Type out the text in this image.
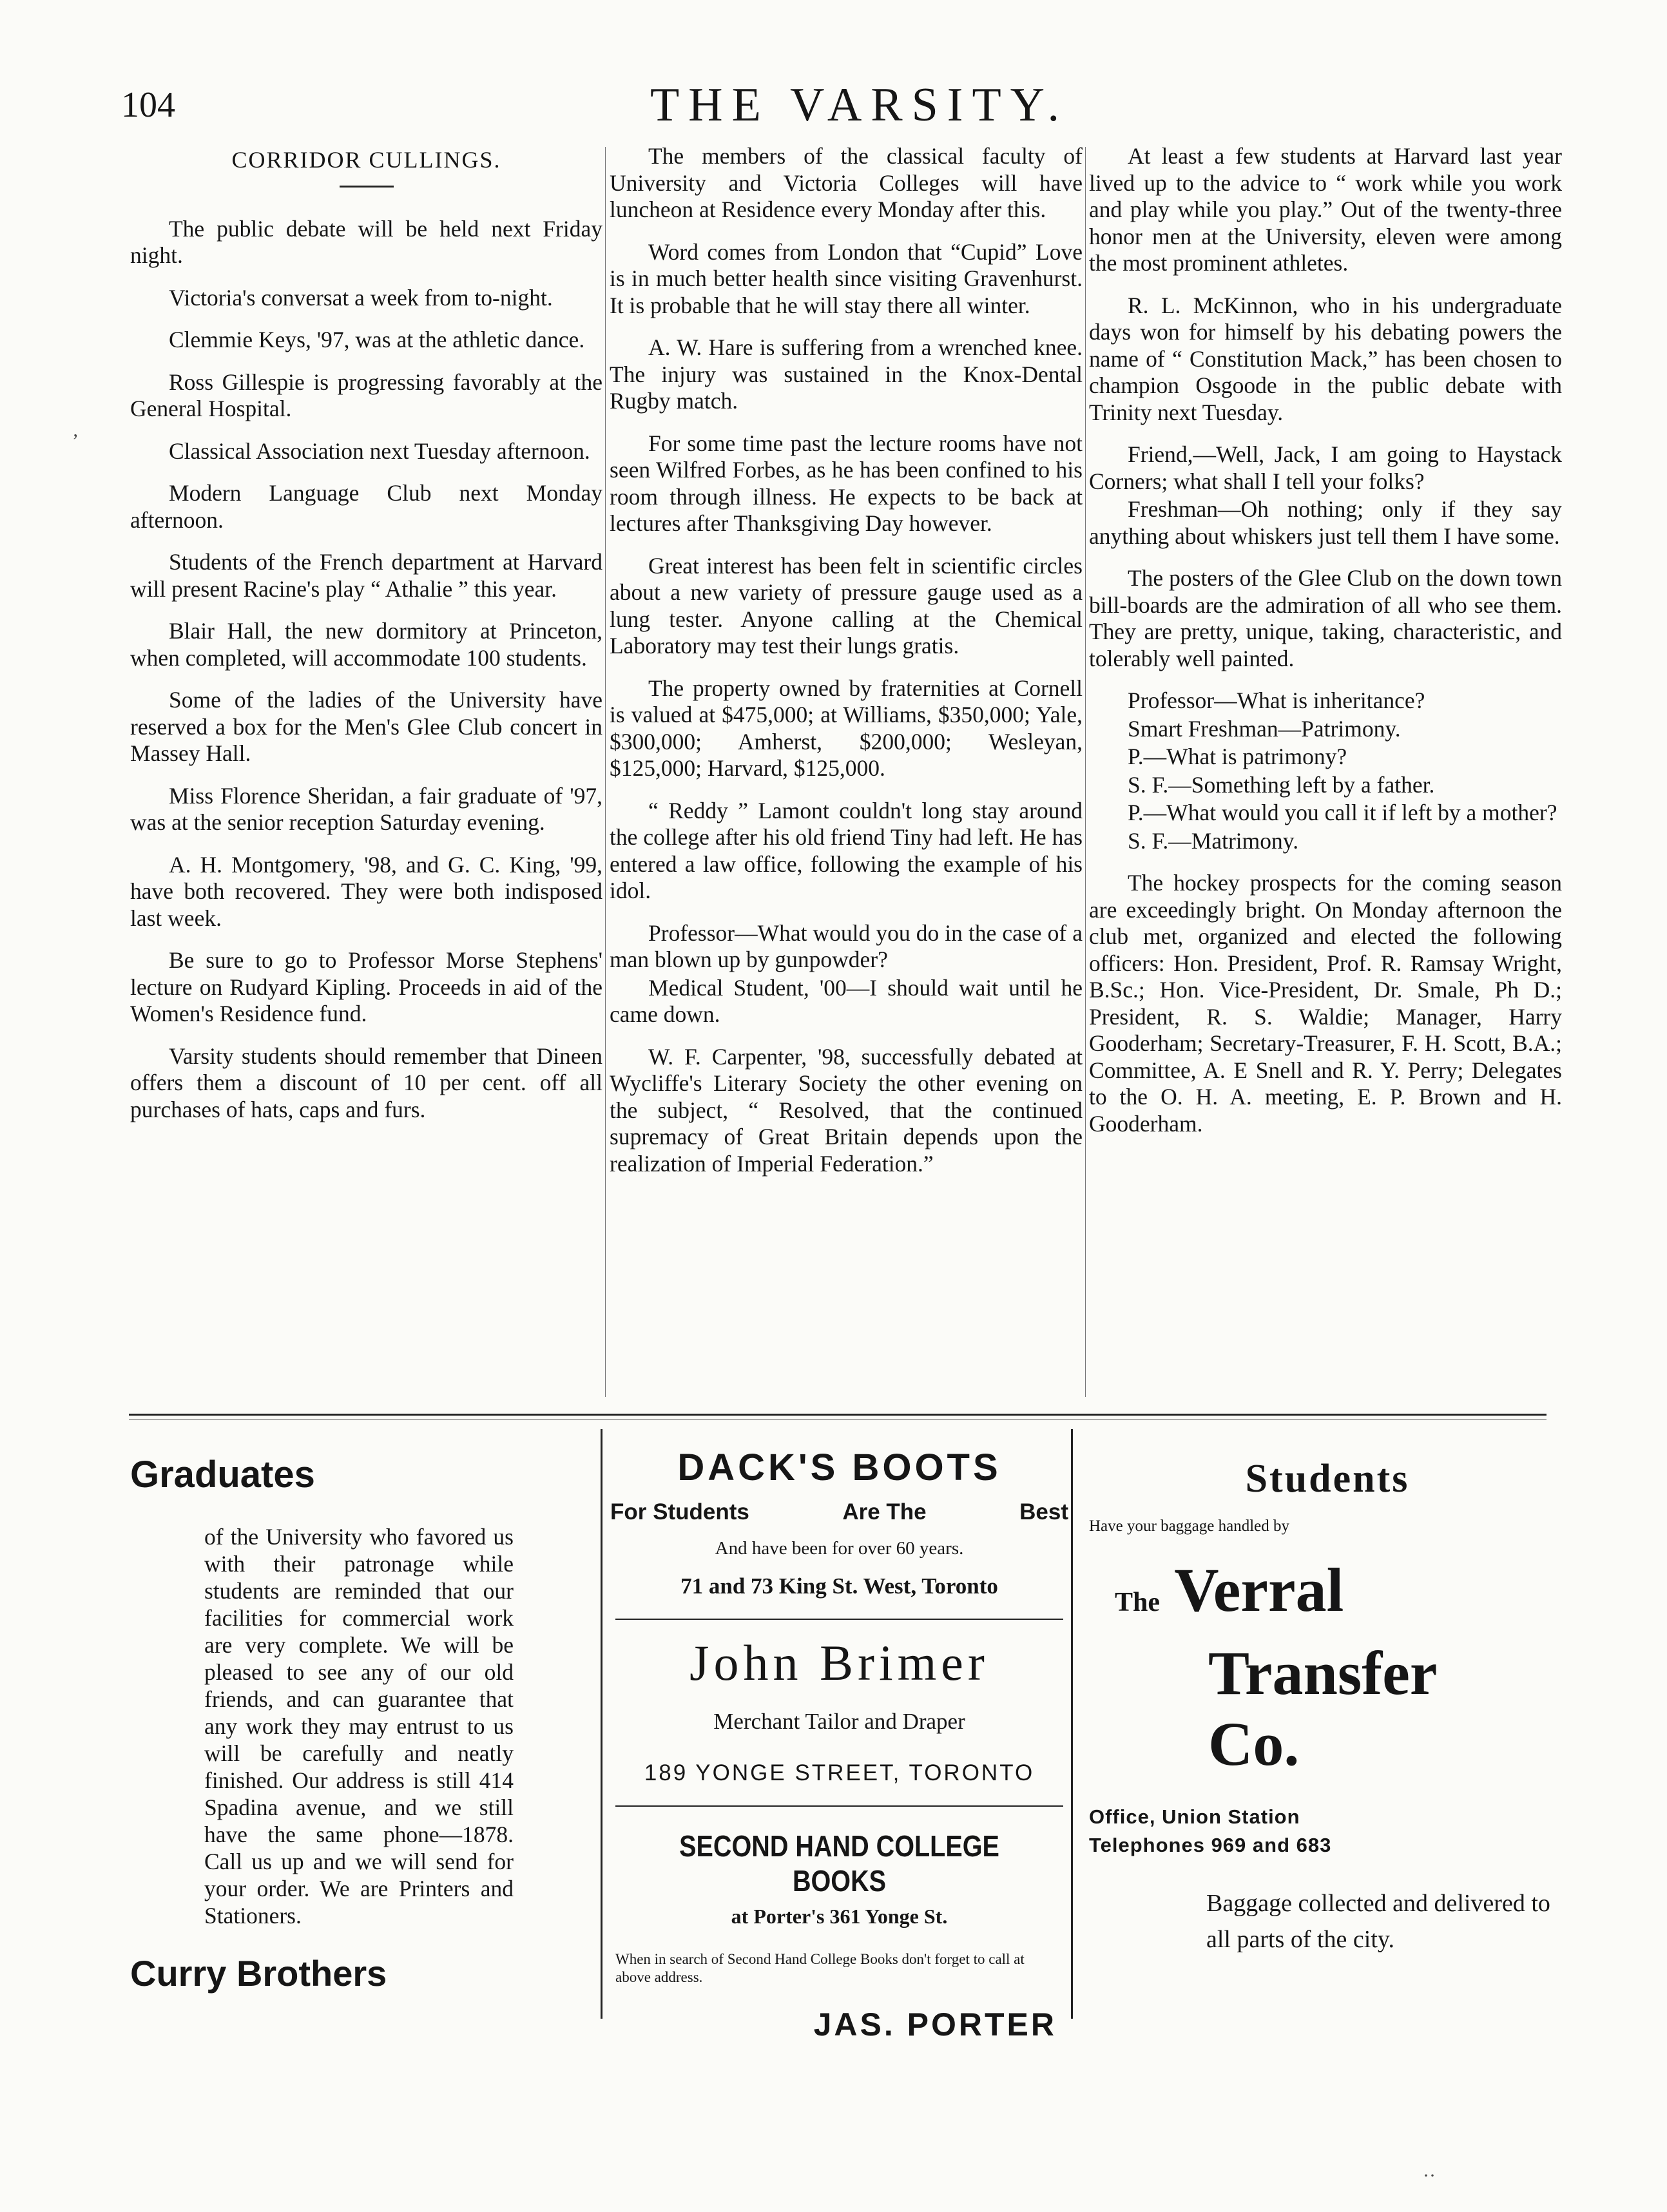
104	THE VARSITY.
CORRIDOR CULLINGS.

The public debate will be held next Friday night.

Victoria's conversat a week from to-night.

Clemmie Keys, '97, was at the athletic dance.

Ross Gillespie is progressing favorably at the General Hospital.

Classical Association next Tuesday afternoon.

Modern Language Club next Monday afternoon.

Students of the French department at Harvard will present Racine's play “ Athalie ” this year.

Blair Hall, the new dormitory at Princeton, when completed, will accommodate 100 students.

Some of the ladies of the University have reserved a box for the Men's Glee Club concert in Massey Hall.

Miss Florence Sheridan, a fair graduate of '97, was at the senior reception Saturday evening.

A. H. Montgomery, '98, and G. C. King, '99, have both recovered. They were both indisposed last week.

Be sure to go to Professor Morse Stephens' lecture on Rudyard Kipling. Proceeds in aid of the Women's Residence fund.

Varsity students should remember that Dineen offers them a discount of 10 per cent. off all purchases of hats, caps and furs.

The members of the classical faculty of University and Victoria Colleges will have luncheon at Residence every Monday after this.

Word comes from London that “Cupid” Love is in much better health since visiting Gravenhurst. It is probable that he will stay there all winter.

A. W. Hare is suffering from a wrenched knee. The injury was sustained in the Knox-Dental Rugby match.

For some time past the lecture rooms have not seen Wilfred Forbes, as he has been confined to his room through illness. He expects to be back at lectures after Thanksgiving Day however.

Great interest has been felt in scientific circles about a new variety of pressure gauge used as a lung tester. Anyone calling at the Chemical Laboratory may test their lungs gratis.

The property owned by fraternities at Cornell is valued at $475,000; at Williams, $350,000; Yale, $300,000; Amherst, $200,000; Wesleyan, $125,000; Harvard, $125,000.

“ Reddy ” Lamont couldn't long stay around the college after his old friend Tiny had left. He has entered a law office, following the example of his idol.

Professor—What would you do in the case of a man blown up by gunpowder?

Medical Student, '00—I should wait until he came down.

W. F. Carpenter, '98, successfully debated at Wycliffe's Literary Society the other evening on the subject, “ Resolved, that the continued supremacy of Great Britain depends upon the realization of Imperial Federation.”

At least a few students at Harvard last year lived up to the advice to “ work while you work and play while you play.” Out of the twenty-three honor men at the University, eleven were among the most prominent athletes.

R. L. McKinnon, who in his undergraduate days won for himself by his debating powers the name of “ Constitution Mack,” has been chosen to champion Osgoode in the public debate with Trinity next Tuesday.

Friend,—Well, Jack, I am going to Haystack Corners; what shall I tell your folks?

Freshman—Oh nothing; only if they say anything about whiskers just tell them I have some.

The posters of the Glee Club on the down town bill-boards are the admiration of all who see them. They are pretty, unique, taking, characteristic, and tolerably well painted.

Professor—What is inheritance?

Smart Freshman—Patrimony.

P.—What is patrimony?

S. F.—Something left by a father.

P.—What would you call it if left by a mother?

S. F.—Matrimony.

The hockey prospects for the coming season are exceedingly bright. On Monday afternoon the club met, organized and elected the following officers: Hon. President, Prof. R. Ramsay Wright, B.Sc.; Hon. Vice-President, Dr. Smale, Ph D.; President, R. S. Waldie; Manager, Harry Gooderham; Secretary-Treasurer, F. H. Scott, B.A.; Committee, A. E Snell and R. Y. Perry; Delegates to the O. H. A. meeting, E. P. Brown and H. Gooderham.

Graduates
of the University who favored us with their patronage while students are reminded that our facilities for commercial work are very complete. We will be pleased to see any of our old friends, and can guarantee that any work they may entrust to us will be carefully and neatly finished. Our address is still 414 Spadina avenue, and we still have the same phone—1878. Call us up and we will send for your order. We are Printers and Stationers.
Curry Brothers
DACK'S BOOTS
For Students	Are The	Best
And have been for over 60 years.
71 and 73 King St. West, Toronto
John Brimer
Merchant Tailor and Draper
189 YONGE STREET, TORONTO
SECOND HAND COLLEGE BOOKS
at Porter's 361 Yonge St.
When in search of Second Hand College Books don't forget to call at above address.
JAS. PORTER
Students
Have your baggage handled by
The Verral
Transfer
Co.
Office, Union Station
Telephones 969 and 683
Baggage collected and delivered to all parts of the city.
ʼ
··
